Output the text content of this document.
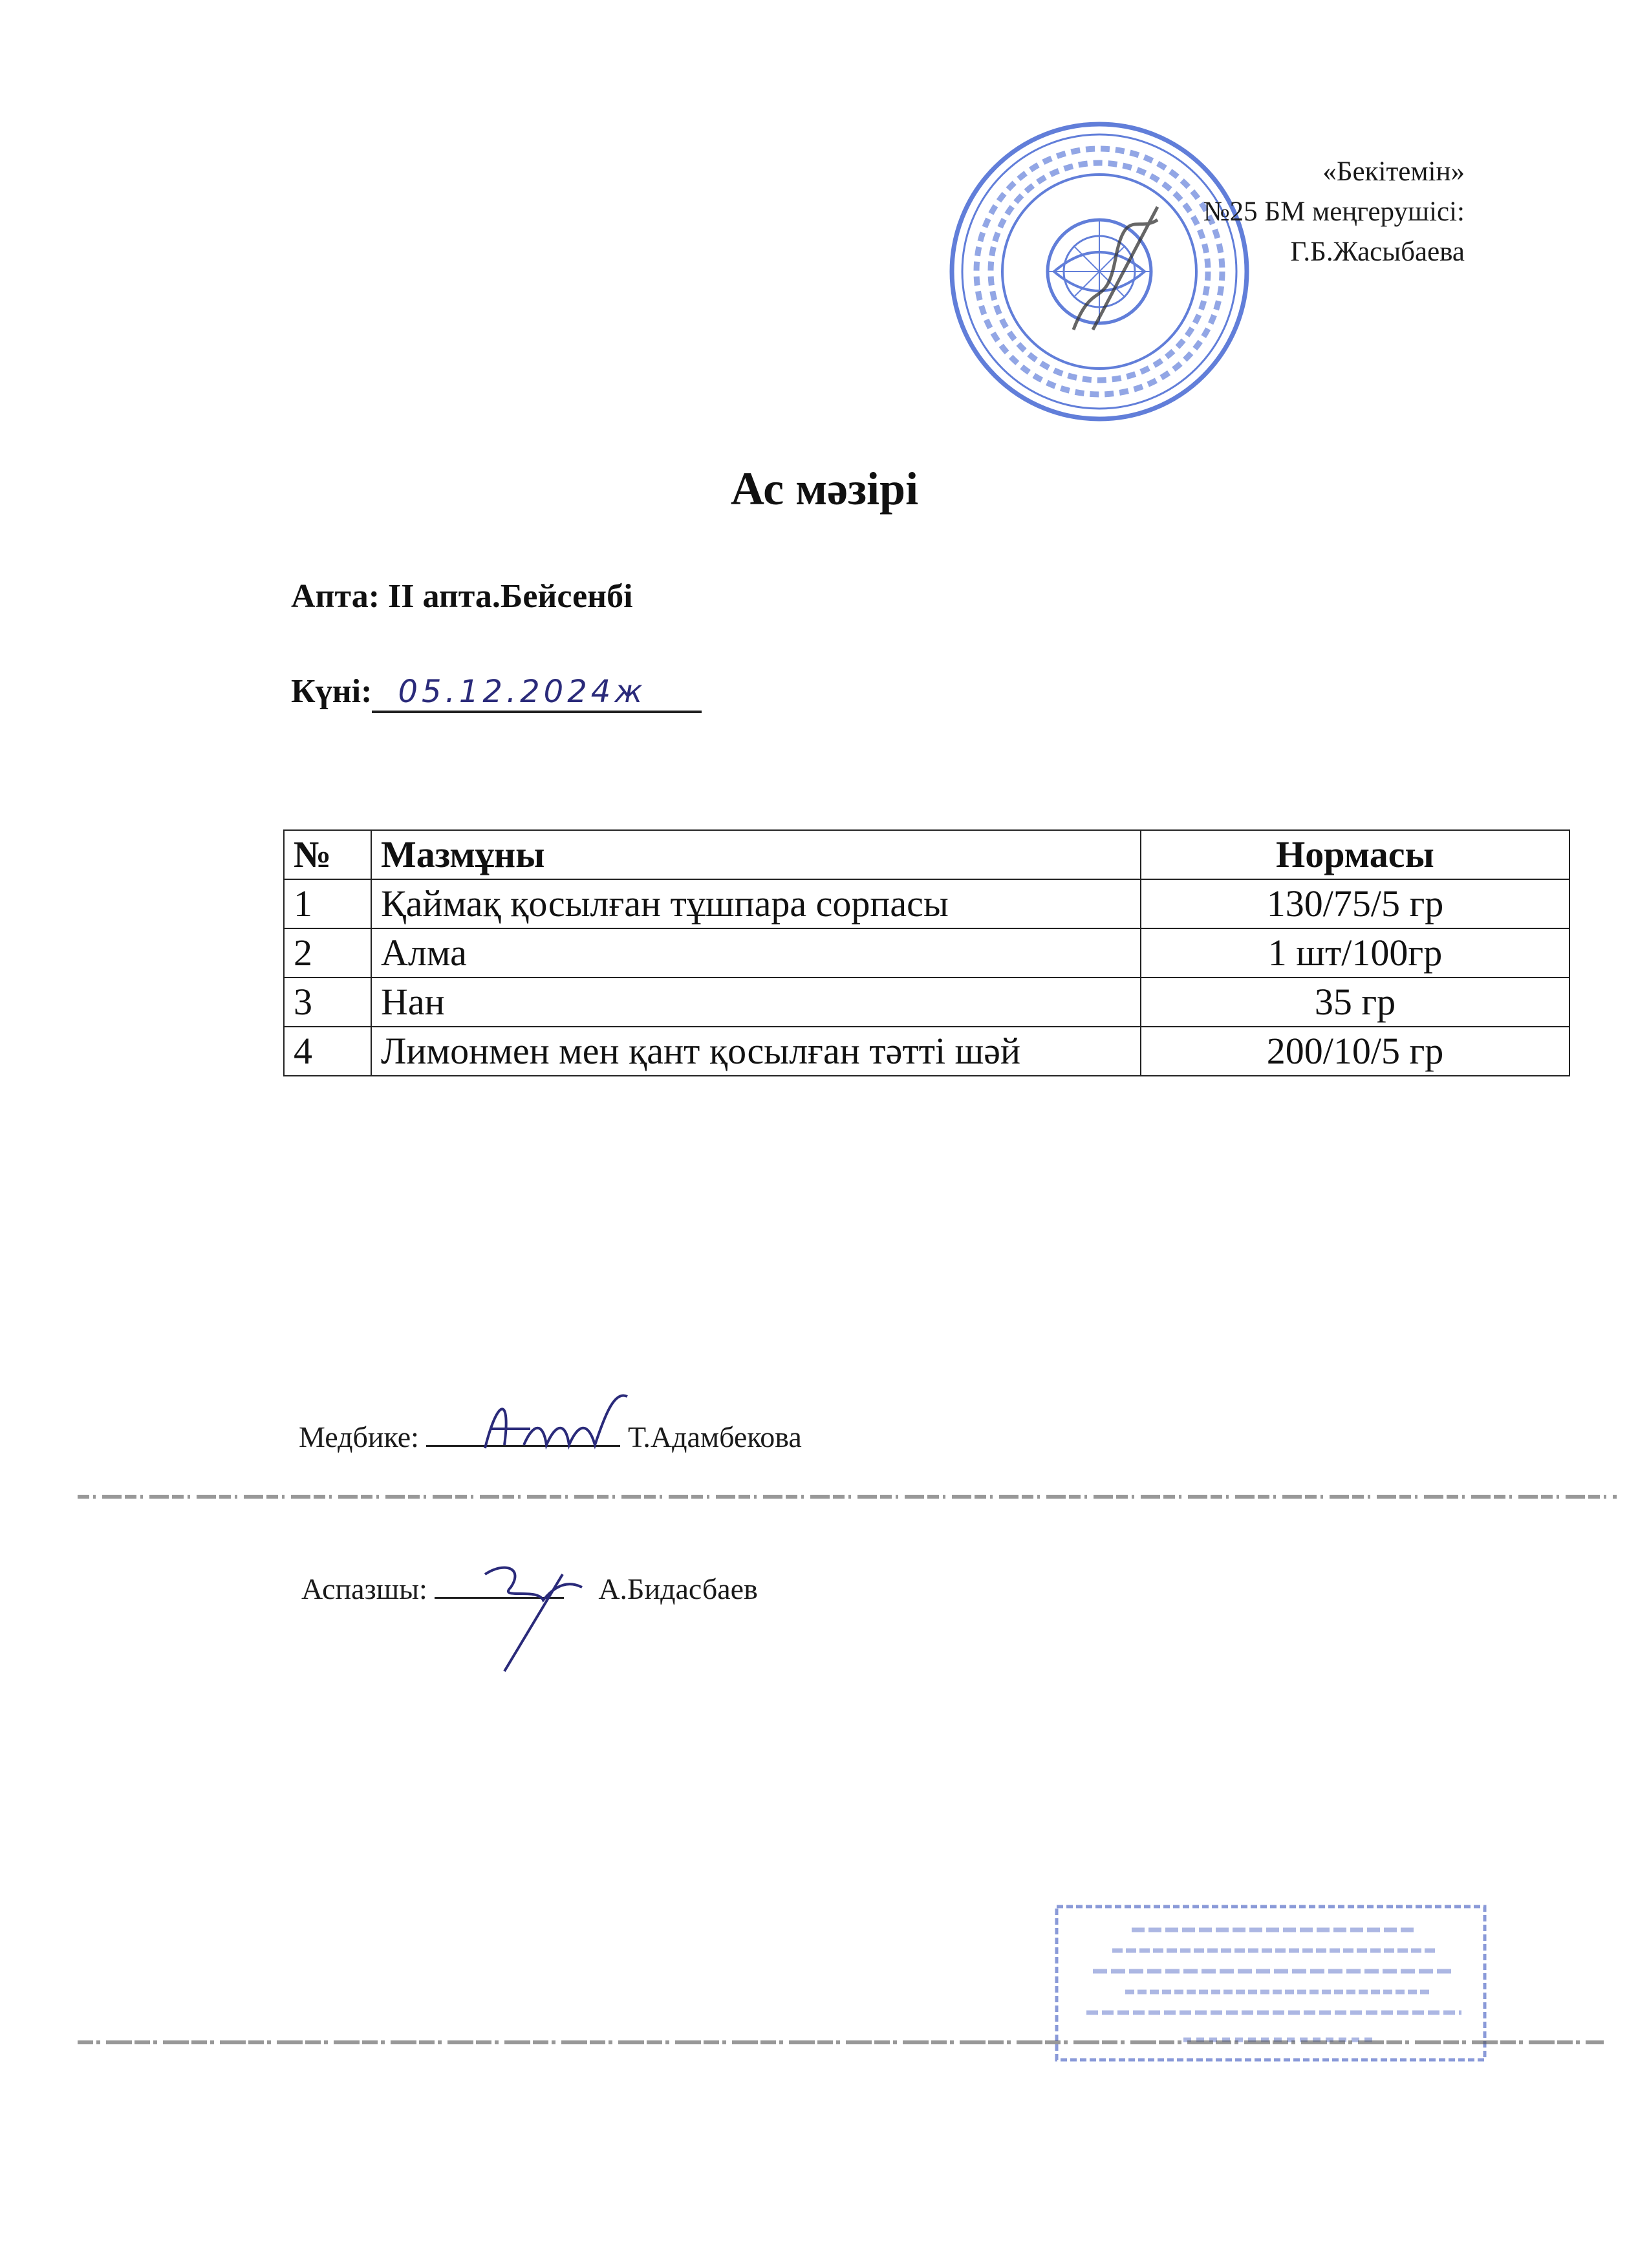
«Бекітемін»
№25 БМ меңгерушісі:
Г.Б.Жасыбаева
Ас мәзірі
Апта: ІІ апта.Бейсенбі
Күні: 05.12.2024ж
№	Мазмұны	Нормасы
1	Қаймақ қосылған тұшпара сорпасы	130/75/5 гр
2	Алма	1 шт/100гр
3	Нан	35 гр
4	Лимонмен мен қант қосылған тәтті шәй	200/10/5 гр
Медбике:	Т.Адамбекова
Аспазшы:	А.Бидасбаев
